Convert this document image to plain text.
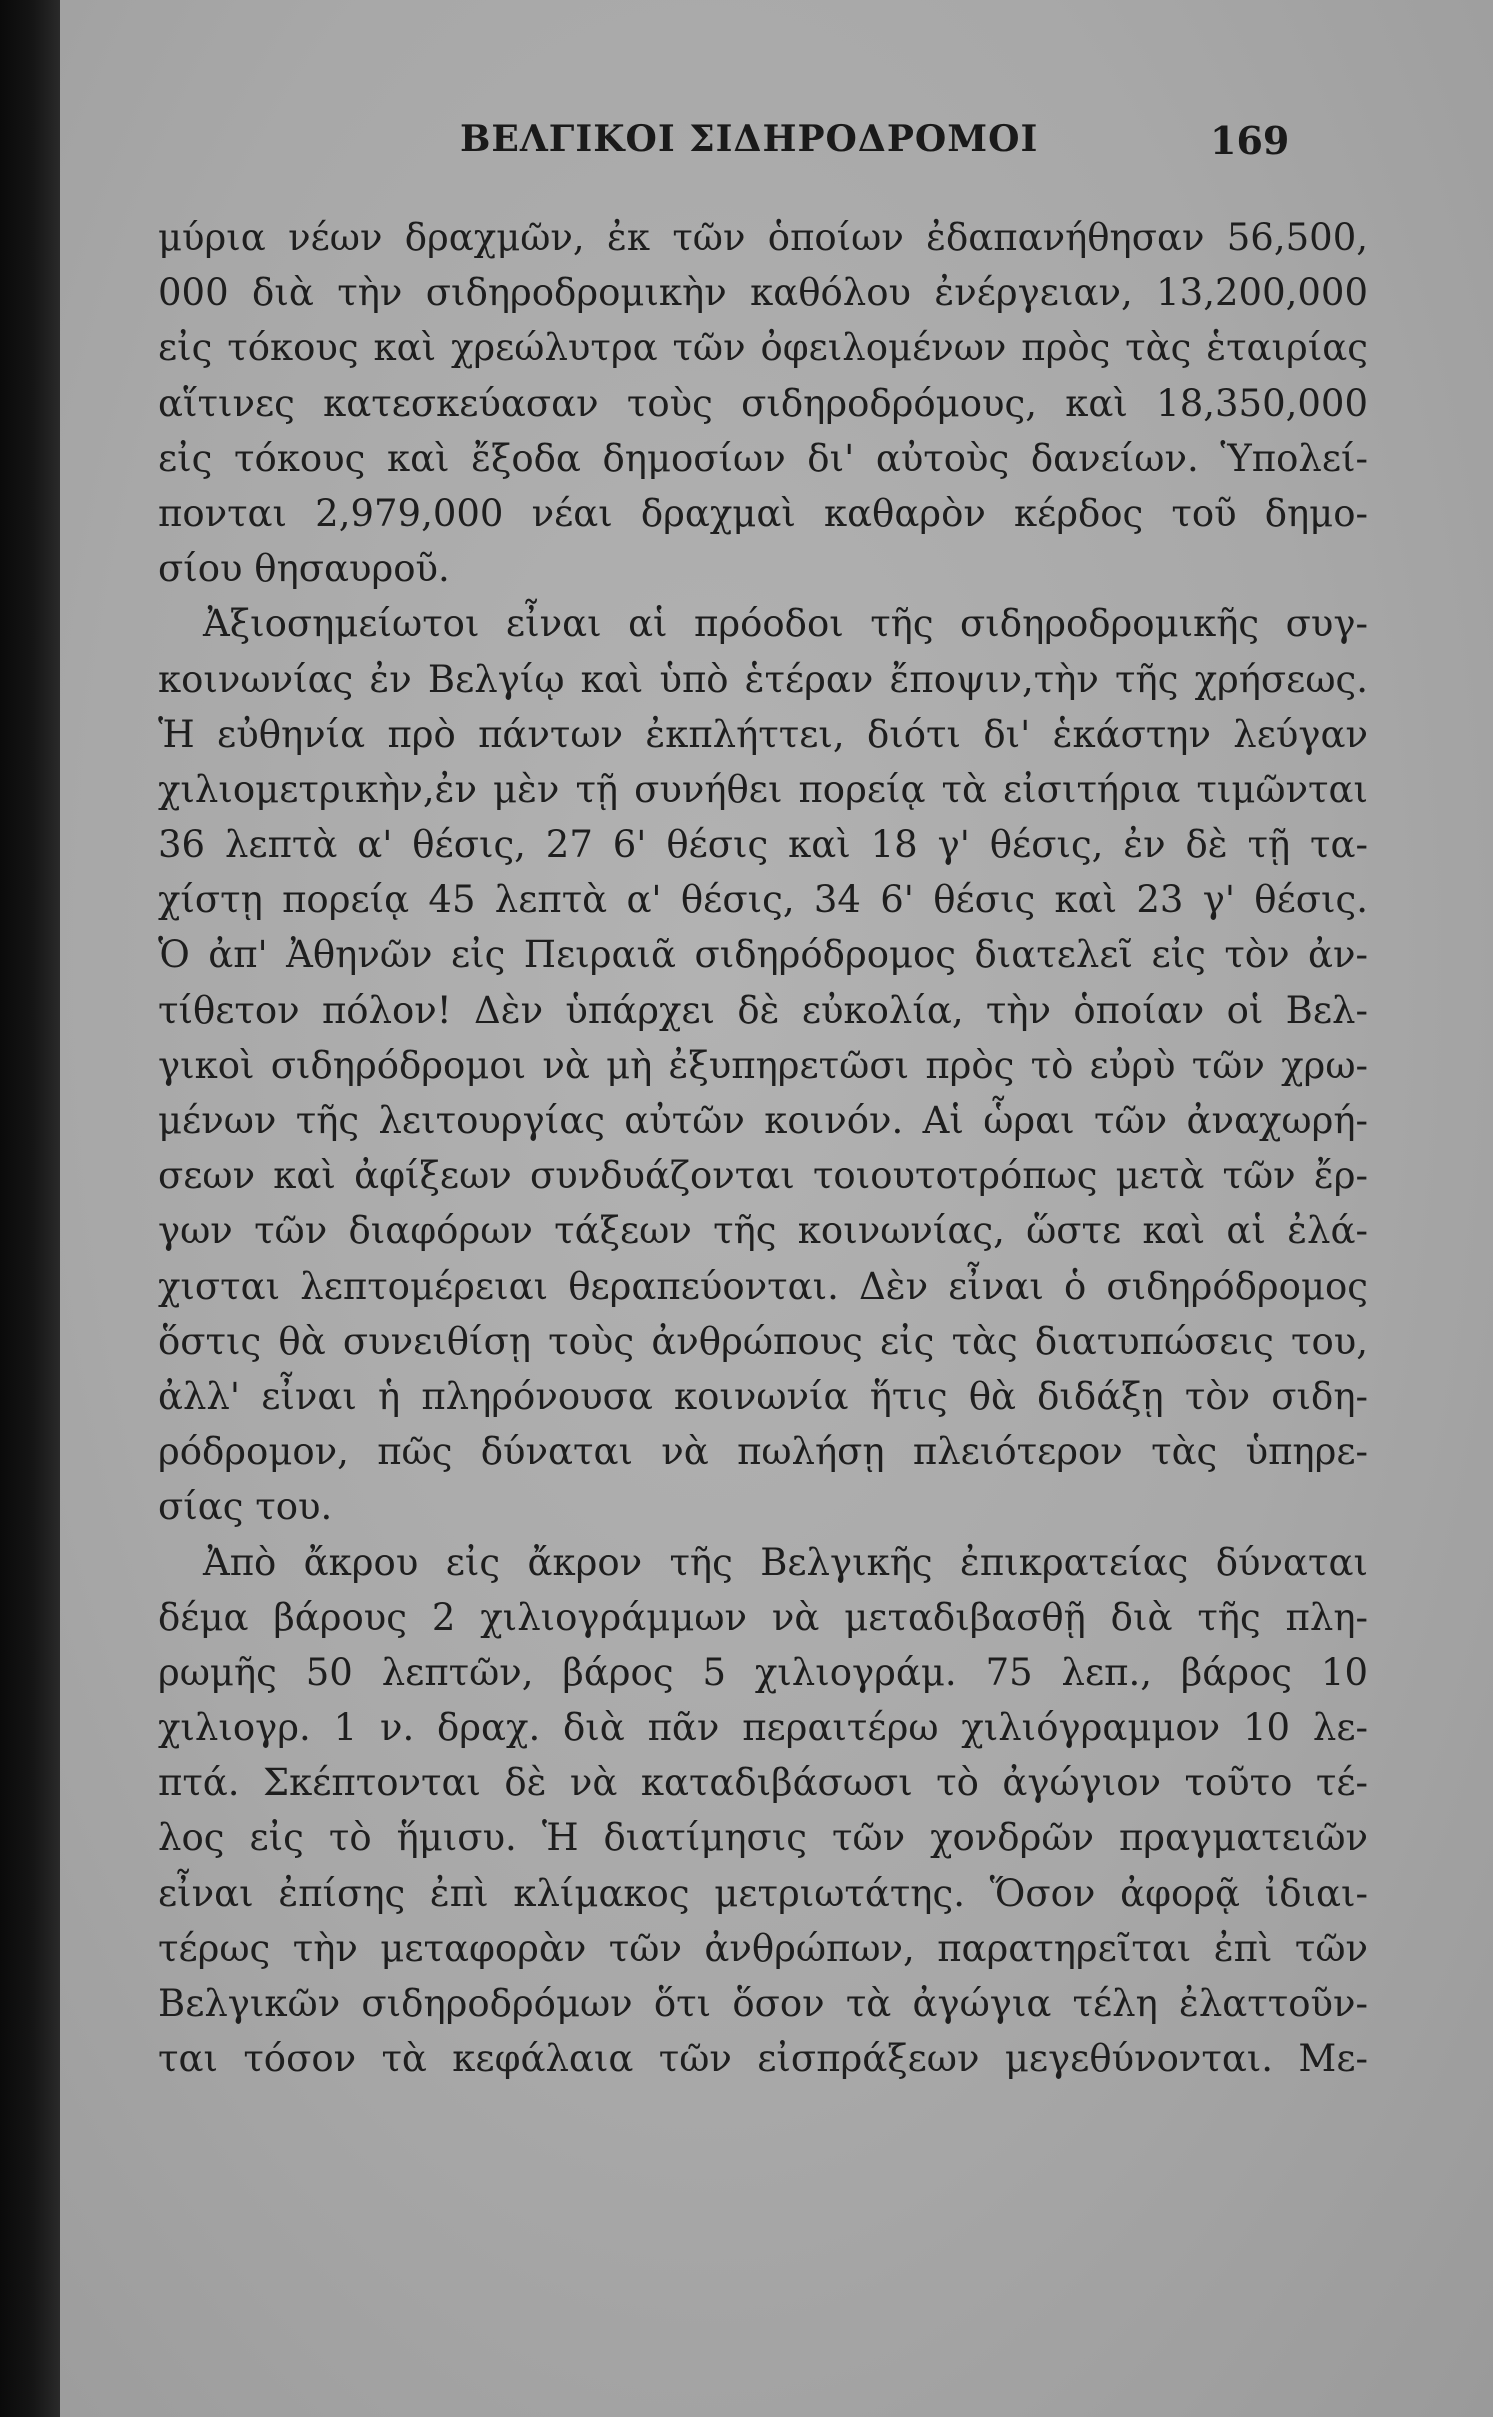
ΒΕΛΓΙΚΟΙ ΣΙΔΗΡΟΔΡΟΜΟΙ	169
μύρια νέων δραχμῶν, ἐκ τῶν ὁποίων ἐδαπανήθησαν 56,500,
000 διὰ τὴν σιδηροδρομικὴν καθόλου ἐνέργειαν, 13,200,000
εἰς τόκους καὶ χρεώλυτρα τῶν ὀφειλομένων πρὸς τὰς ἑταιρίας
αἵτινες κατεσκεύασαν τοὺς σιδηροδρόμους, καὶ 18,350,000
εἰς τόκους καὶ ἔξοδα δημοσίων δι' αὐτοὺς δανείων. Ὑπολεί-
πονται 2,979,000 νέαι δραχμαὶ καθαρὸν κέρδος τοῦ δημο-
σίου θησαυροῦ.
Ἀξιοσημείωτοι εἶναι αἱ πρόοδοι τῆς σιδηροδρομικῆς συγ-
κοινωνίας ἐν Βελγίῳ καὶ ὑπὸ ἑτέραν ἔποψιν,τὴν τῆς χρήσεως.
Ἡ εὐθηνία πρὸ πάντων ἐκπλήττει, διότι δι' ἑκάστην λεύγαν
χιλιομετρικὴν,ἐν μὲν τῇ συνήθει πορείᾳ τὰ εἰσιτήρια τιμῶνται
36 λεπτὰ α' θέσις, 27 6' θέσις καὶ 18 γ' θέσις, ἐν δὲ τῇ τα-
χίστῃ πορείᾳ 45 λεπτὰ α' θέσις, 34 6' θέσις καὶ 23 γ' θέσις.
Ὁ ἀπ' Ἀθηνῶν εἰς Πειραιᾶ σιδηρόδρομος διατελεῖ εἰς τὸν ἀν-
τίθετον πόλον! Δὲν ὑπάρχει δὲ εὐκολία, τὴν ὁποίαν οἱ Βελ-
γικοὶ σιδηρόδρομοι νὰ μὴ ἐξυπηρετῶσι πρὸς τὸ εὐρὺ τῶν χρω-
μένων τῆς λειτουργίας αὐτῶν κοινόν. Αἱ ὧραι τῶν ἀναχωρή-
σεων καὶ ἀφίξεων συνδυάζονται τοιουτοτρόπως μετὰ τῶν ἔρ-
γων τῶν διαφόρων τάξεων τῆς κοινωνίας, ὥστε καὶ αἱ ἐλά-
χισται λεπτομέρειαι θεραπεύονται. Δὲν εἶναι ὁ σιδηρόδρομος
ὅστις θὰ συνειθίσῃ τοὺς ἀνθρώπους εἰς τὰς διατυπώσεις του,
ἀλλ' εἶναι ἡ πληρόνουσα κοινωνία ἥτις θὰ διδάξῃ τὸν σιδη-
ρόδρομον, πῶς δύναται νὰ πωλήσῃ πλειότερον τὰς ὑπηρε-
σίας του.
Ἀπὸ ἄκρου εἰς ἄκρον τῆς Βελγικῆς ἐπικρατείας δύναται
δέμα βάρους 2 χιλιογράμμων νὰ μεταδιβασθῇ διὰ τῆς πλη-
ρωμῆς 50 λεπτῶν, βάρος 5 χιλιογράμ. 75 λεπ., βάρος 10
χιλιογρ. 1 ν. δραχ. διὰ πᾶν περαιτέρω χιλιόγραμμον 10 λε-
πτά. Σκέπτονται δὲ νὰ καταδιβάσωσι τὸ ἀγώγιον τοῦτο τέ-
λος εἰς τὸ ἥμισυ. Ἡ διατίμησις τῶν χονδρῶν πραγματειῶν
εἶναι ἐπίσης ἐπὶ κλίμακος μετριωτάτης. Ὅσον ἀφορᾷ ἰδιαι-
τέρως τὴν μεταφορὰν τῶν ἀνθρώπων, παρατηρεῖται ἐπὶ τῶν
Βελγικῶν σιδηροδρόμων ὅτι ὅσον τὰ ἀγώγια τέλη ἐλαττοῦν-
ται τόσον τὰ κεφάλαια τῶν εἰσπράξεων μεγεθύνονται. Με-
